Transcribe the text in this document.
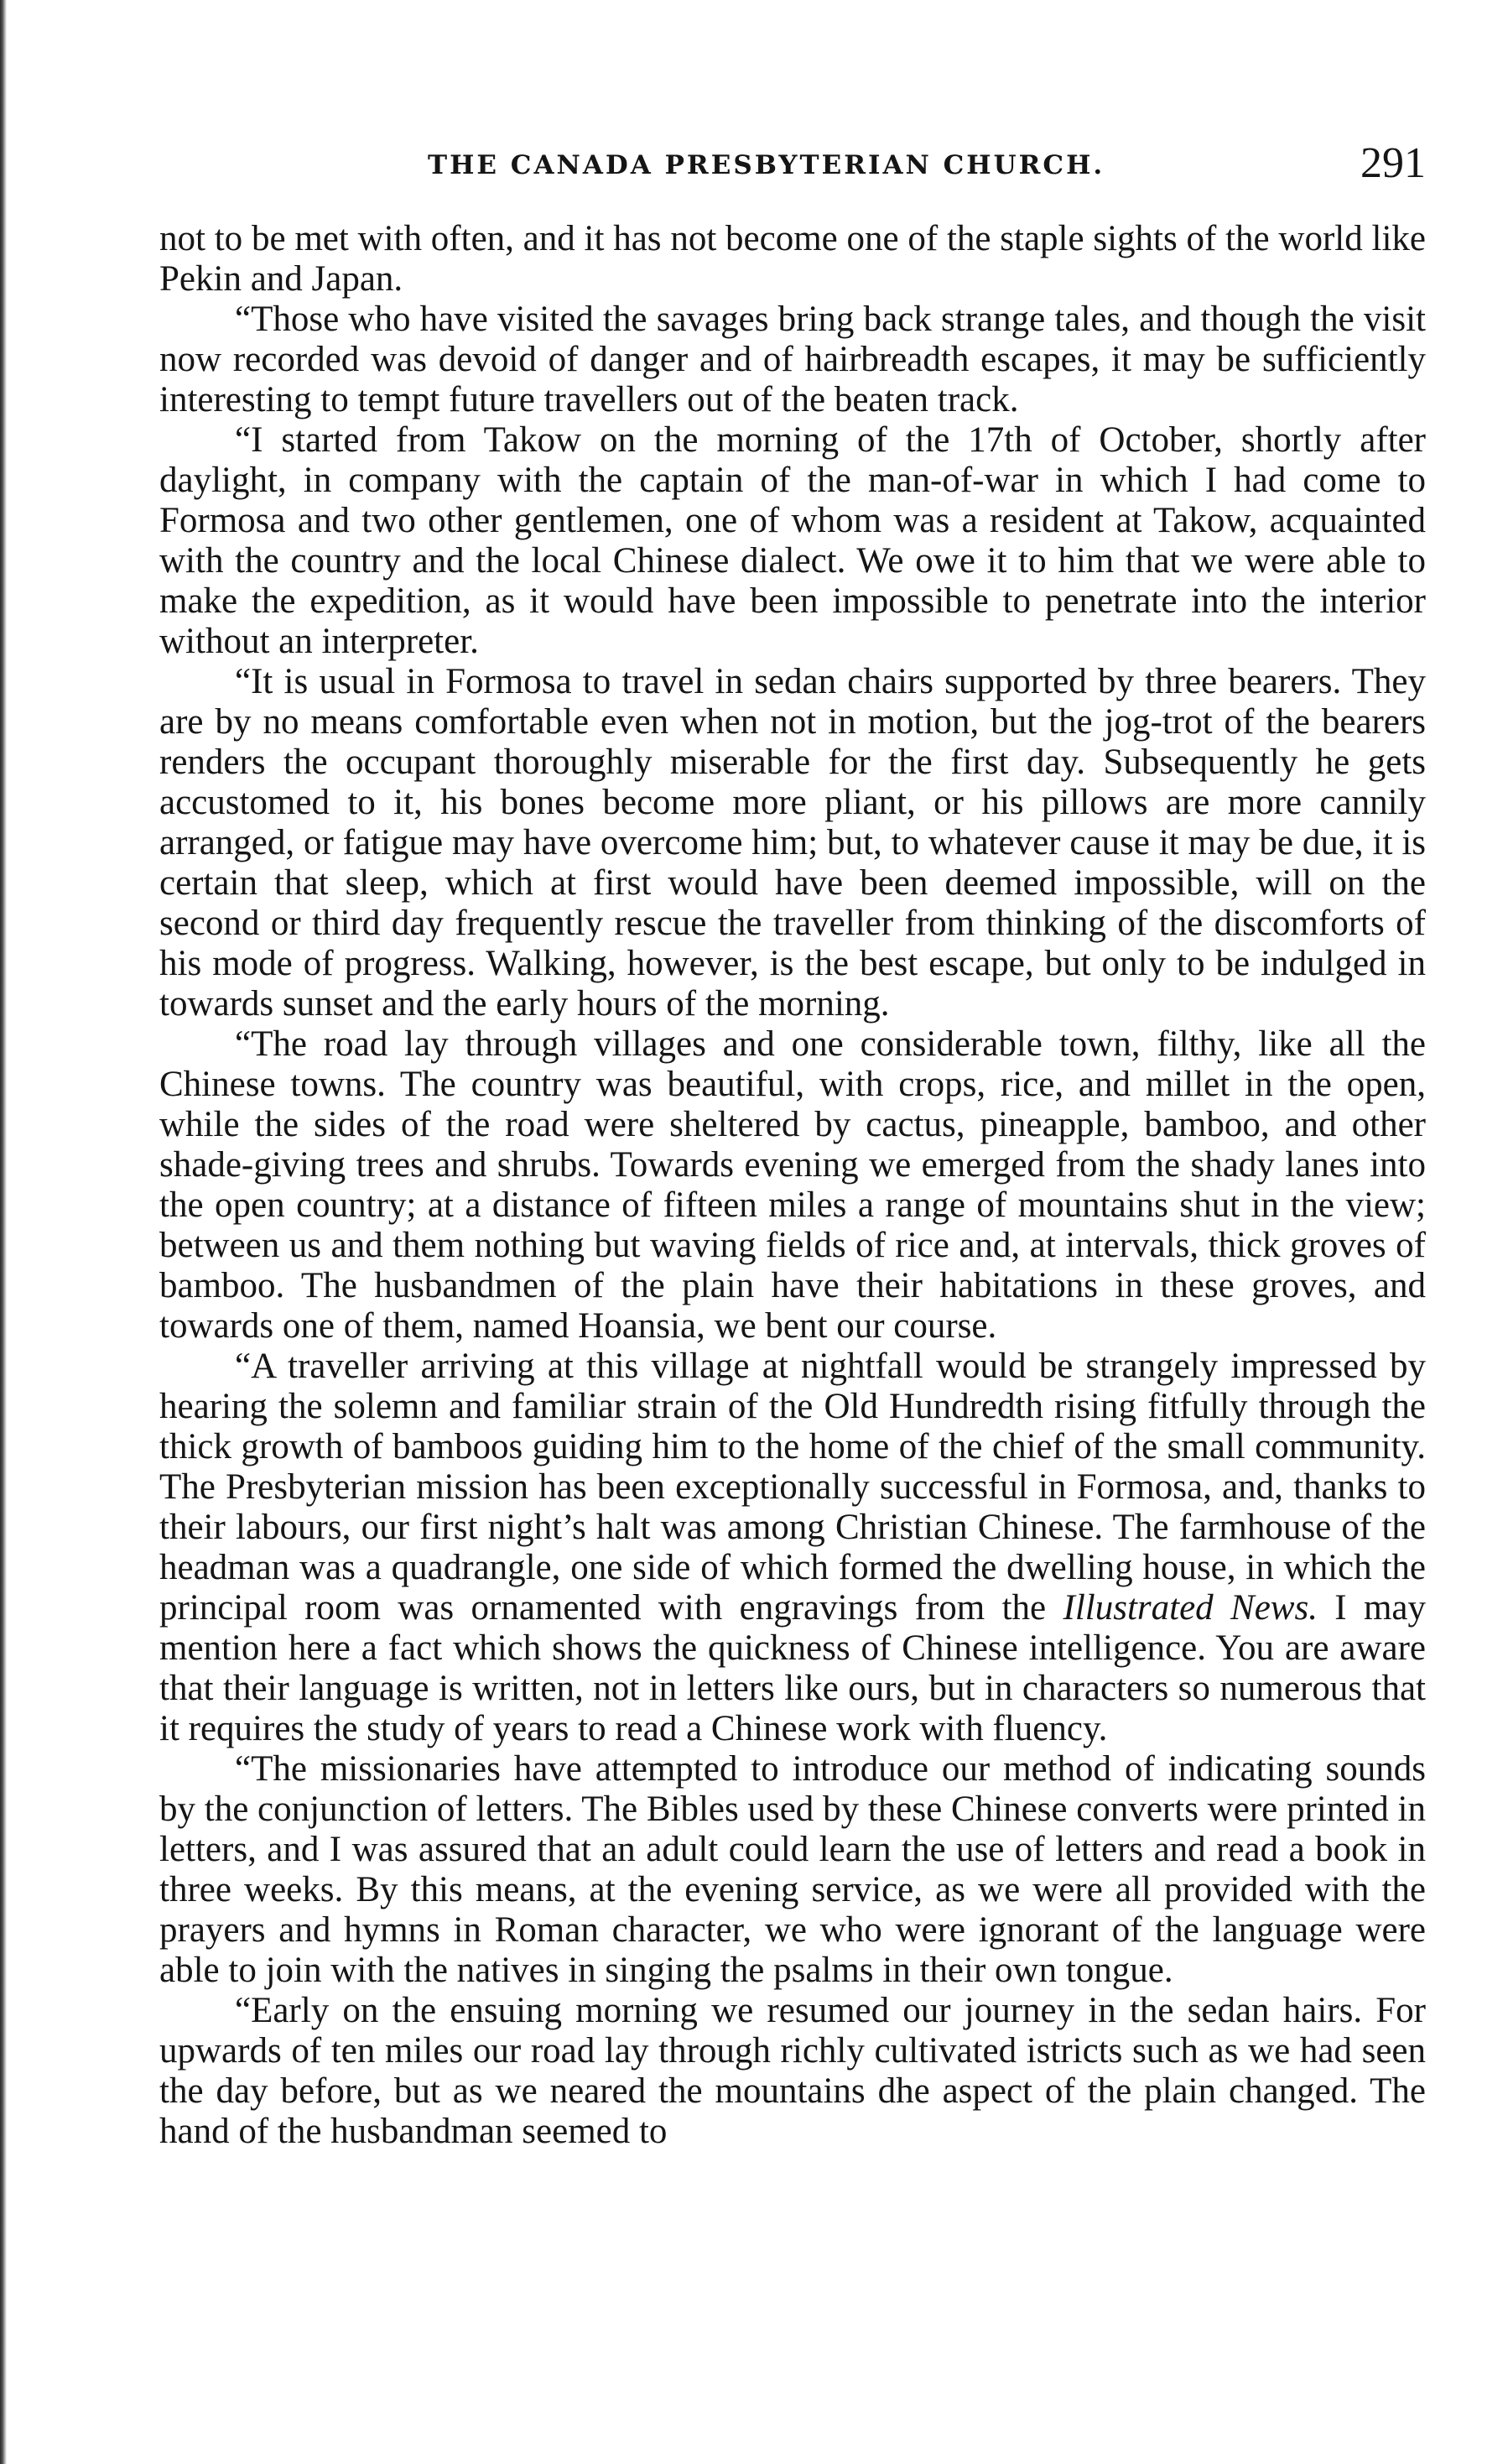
THE CANADA PRESBYTERIAN CHURCH.	291

not to be met with often, and it has not become one of the staple sights of the world like Pekin and Japan.

“Those who have visited the savages bring back strange tales, and though the visit now recorded was devoid of danger and of hairbreadth escapes, it may be sufficiently interesting to tempt future travellers out of the beaten track.

“I started from Takow on the morning of the 17th of October, shortly after daylight, in company with the captain of the man-of-war in which I had come to Formosa and two other gentlemen, one of whom was a resident at Takow, acquainted with the country and the local Chinese dialect. We owe it to him that we were able to make the expedition, as it would have been impossible to penetrate into the interior without an interpreter.

“It is usual in Formosa to travel in sedan chairs supported by three bearers. They are by no means comfortable even when not in motion, but the jog-trot of the bearers renders the occupant thoroughly miserable for the first day. Subsequently he gets accustomed to it, his bones become more pliant, or his pillows are more cannily arranged, or fatigue may have overcome him; but, to whatever cause it may be due, it is certain that sleep, which at first would have been deemed impossible, will on the second or third day frequently rescue the traveller from thinking of the discomforts of his mode of progress. Walking, however, is the best escape, but only to be indulged in towards sunset and the early hours of the morning.

“The road lay through villages and one considerable town, filthy, like all the Chinese towns. The country was beautiful, with crops, rice, and millet in the open, while the sides of the road were sheltered by cactus, pineapple, bamboo, and other shade-giving trees and shrubs. Towards evening we emerged from the shady lanes into the open country; at a distance of fifteen miles a range of mountains shut in the view; between us and them nothing but waving fields of rice and, at intervals, thick groves of bamboo. The husbandmen of the plain have their habitations in these groves, and towards one of them, named Hoansia, we bent our course.

“A traveller arriving at this village at nightfall would be strangely impressed by hearing the solemn and familiar strain of the Old Hundredth rising fitfully through the thick growth of bamboos guiding him to the home of the chief of the small community. The Presbyterian mission has been exceptionally successful in Formosa, and, thanks to their labours, our first night’s halt was among Christian Chinese. The farmhouse of the headman was a quadrangle, one side of which formed the dwelling house, in which the principal room was ornamented with engravings from the Illustrated News. I may mention here a fact which shows the quickness of Chinese intelligence. You are aware that their language is written, not in letters like ours, but in characters so numerous that it requires the study of years to read a Chinese work with fluency.

“The missionaries have attempted to introduce our method of indicating sounds by the conjunction of letters. The Bibles used by these Chinese converts were printed in letters, and I was assured that an adult could learn the use of letters and read a book in three weeks. By this means, at the evening service, as we were all provided with the prayers and hymns in Roman character, we who were ignorant of the language were able to join with the natives in singing the psalms in their own tongue.

“Early on the ensuing morning we resumed our journey in the sedan hairs. For upwards of ten miles our road lay through richly cultivated istricts such as we had seen the day before, but as we neared the mountains dhe aspect of the plain changed. The hand of the husbandman seemed to
